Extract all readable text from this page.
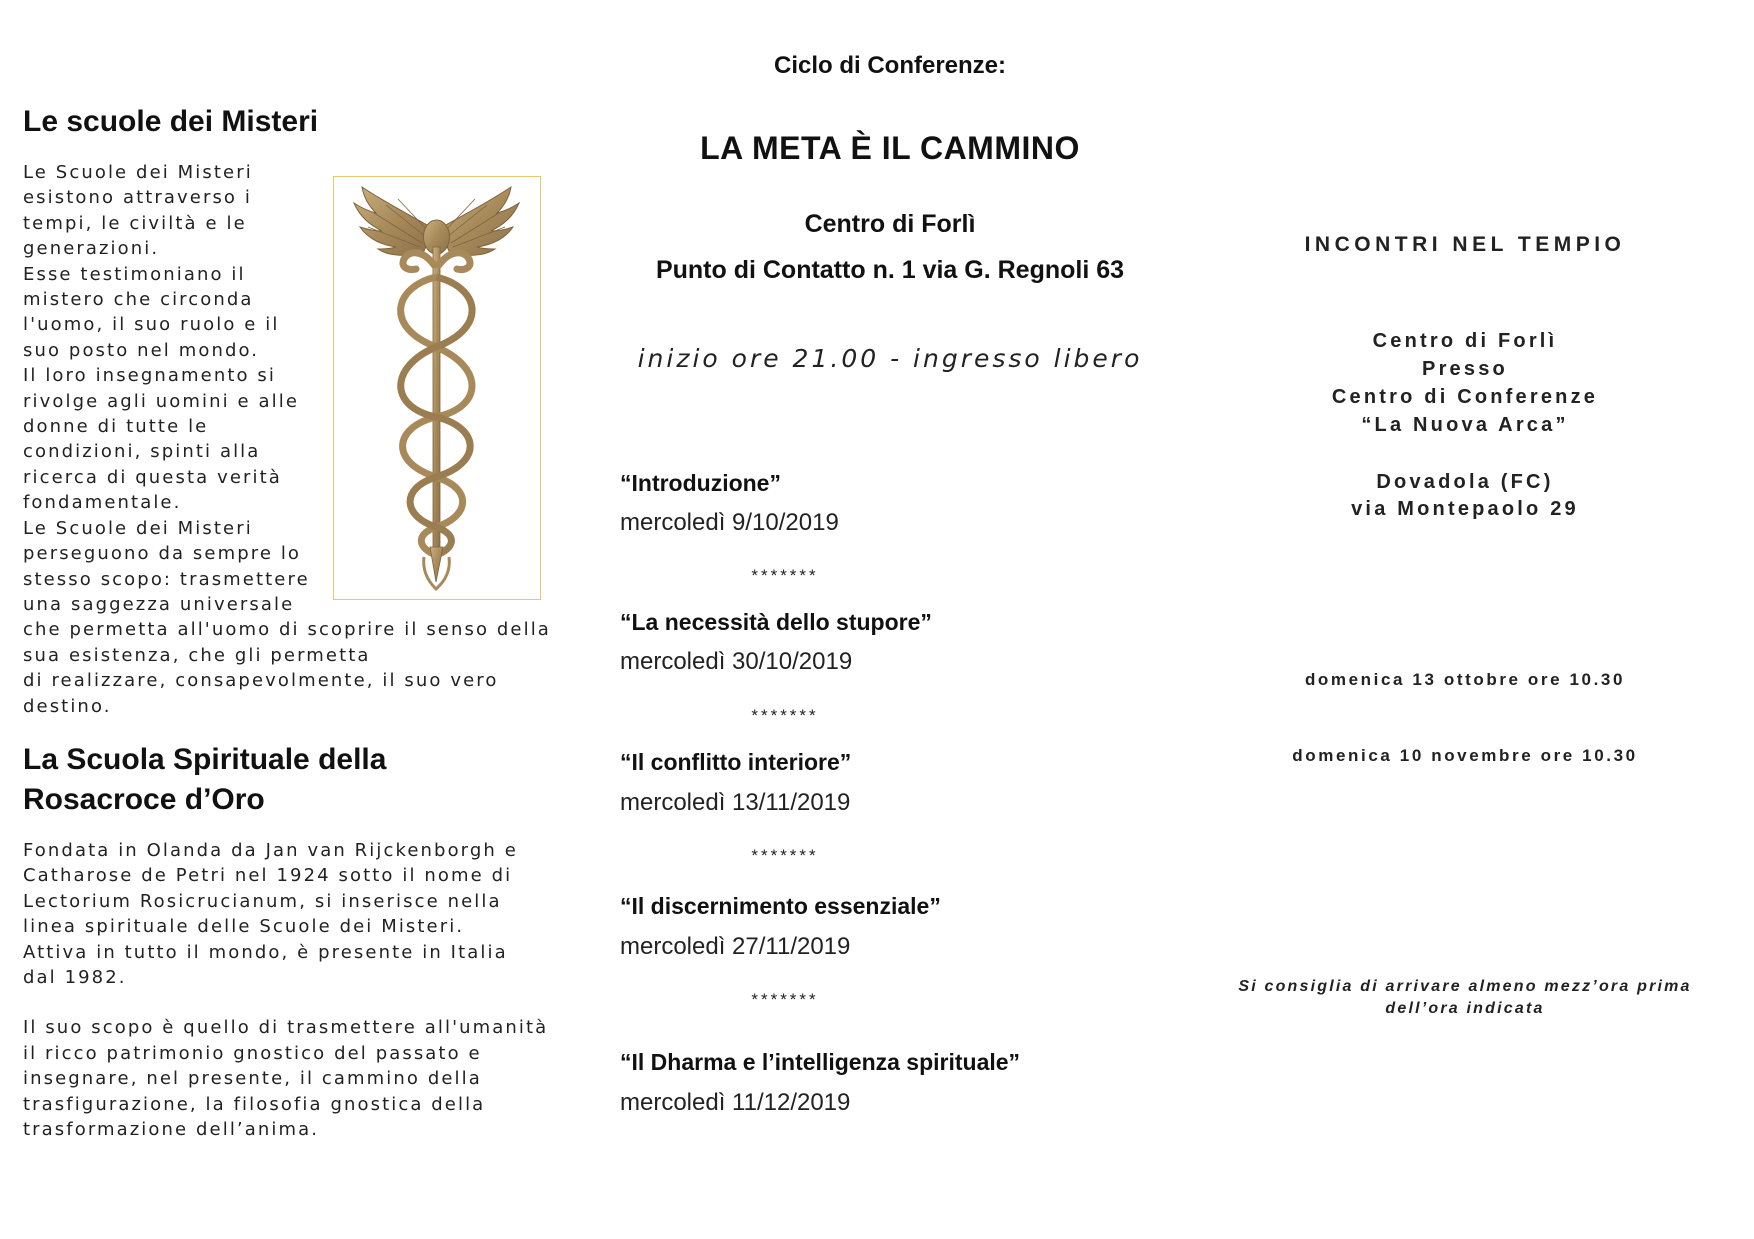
Le scuole dei Misteri
Le Scuole dei Misteri
esistono attraverso i
tempi, le civiltà e le
generazioni.
Esse testimoniano il
mistero che circonda
l'uomo, il suo ruolo e il
suo posto nel mondo.
Il loro insegnamento si
rivolge agli uomini e alle
donne di tutte le
condizioni, spinti alla
ricerca di questa verità
fondamentale.
Le Scuole dei Misteri
perseguono da sempre lo
stesso scopo: trasmettere
una saggezza universale
che permetta all'uomo di scoprire il senso della
sua esistenza, che gli permetta
di realizzare, consapevolmente, il suo vero
destino.
La Scuola Spirituale della
Rosacroce d’Oro
Fondata in Olanda da Jan van Rijckenborgh e
Catharose de Petri nel 1924 sotto il nome di
Lectorium Rosicrucianum, si inserisce nella
linea spirituale delle Scuole dei Misteri.
Attiva in tutto il mondo, è presente in Italia
dal 1982.
Il suo scopo è quello di trasmettere all'umanità
il ricco patrimonio gnostico del passato e
insegnare, nel presente, il cammino della
trasfigurazione, la filosofia gnostica della
trasformazione dell’anima.
Ciclo di Conferenze:
LA META È IL CAMMINO
Centro di Forlì
Punto di Contatto n. 1 via G. Regnoli 63
inizio ore 21.00 - ingresso libero
“Introduzione”
mercoledì 9/10/2019
*******
“La necessità dello stupore”
mercoledì 30/10/2019
*******
“Il conflitto interiore”
mercoledì 13/11/2019
*******
“Il discernimento essenziale”
mercoledì 27/11/2019
*******
“Il Dharma e l’intelligenza spirituale”
mercoledì 11/12/2019
INCONTRI NEL TEMPIO
Centro di Forlì
Presso
Centro di Conferenze
“La Nuova Arca”
Dovadola (FC)
via Montepaolo 29
domenica 13 ottobre ore 10.30
domenica 10 novembre ore 10.30
Si consiglia di arrivare almeno mezz’ora prima
dell’ora indicata
